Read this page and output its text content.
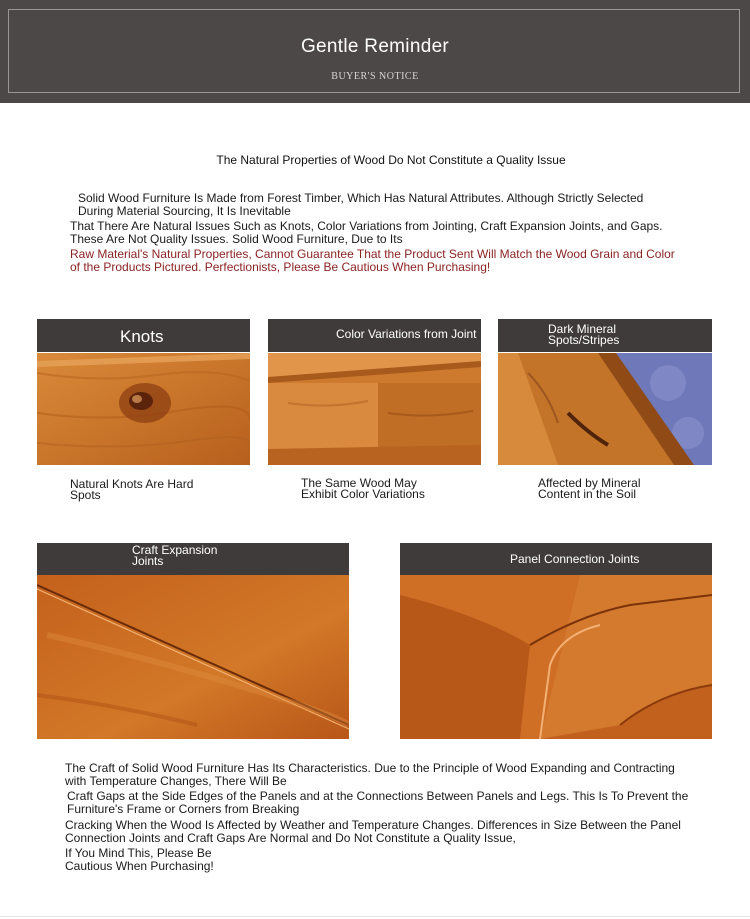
Gentle Reminder
BUYER'S NOTICE
The Natural Properties of Wood Do Not Constitute a Quality Issue

Solid Wood Furniture Is Made from Forest Timber, Which Has Natural Attributes. Although Strictly Selected

During Material Sourcing, It Is Inevitable

That There Are Natural Issues Such as Knots, Color Variations from Jointing, Craft Expansion Joints, and Gaps.

These Are Not Quality Issues. Solid Wood Furniture, Due to Its

Raw Material's Natural Properties, Cannot Guarantee That the Product Sent Will Match the Wood Grain and Color

of the Products Pictured. Perfectionists, Please Be Cautious When Purchasing!

Knots
Natural Knots Are Hard
Spots
Color Variations from Joint
The Same Wood May
Exhibit Color Variations
Dark Mineral
Spots/Stripes
Affected by Mineral
Content in the Soil
Craft Expansion
Joints	Panel Connection Joints

The Craft of Solid Wood Furniture Has Its Characteristics. Due to the Principle of Wood Expanding and Contracting

with Temperature Changes, There Will Be

Craft Gaps at the Side Edges of the Panels and at the Connections Between Panels and Legs. This Is To Prevent the

Furniture's Frame or Corners from Breaking

Cracking When the Wood Is Affected by Weather and Temperature Changes. Differences in Size Between the Panel

Connection Joints and Craft Gaps Are Normal and Do Not Constitute a Quality Issue,

If You Mind This, Please Be

Cautious When Purchasing!
